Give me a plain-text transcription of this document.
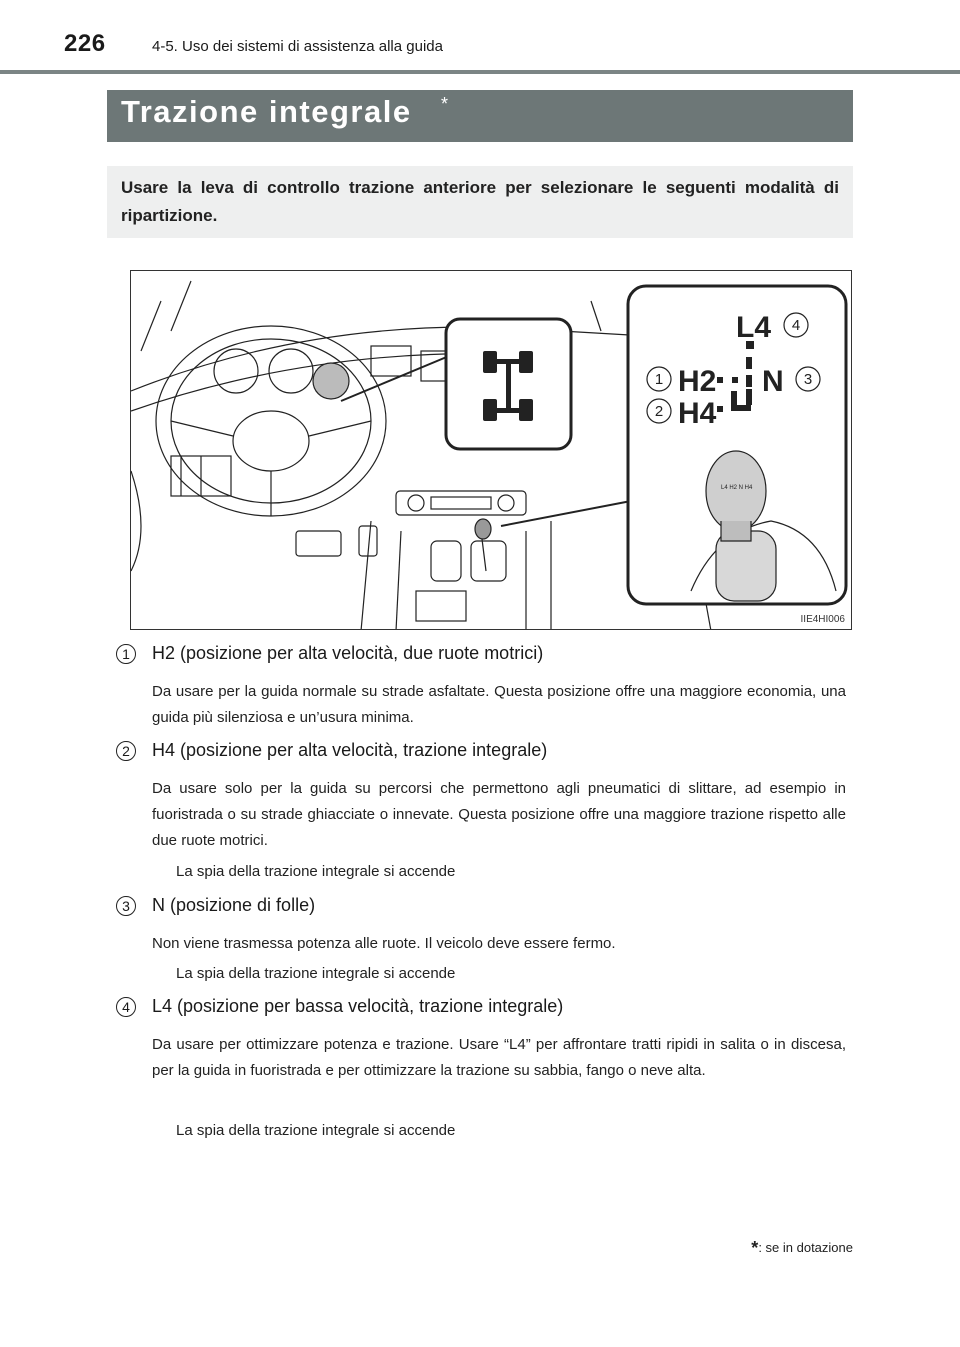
226	4-5. Uso dei sistemi di assistenza alla guida
Trazione integrale *
Usare la leva di controllo trazione anteriore per selezionare le seguenti modalità di ripartizione.
L4
H2 N
H4
4
1	3
2
L4 H2 N H4
IIE4HI006
1	H2 (posizione per alta velocità, due ruote motrici)
Da usare per la guida normale su strade asfaltate. Questa posizione offre una maggiore economia, una guida più silenziosa e un’usura minima.
2	H4 (posizione per alta velocità, trazione integrale)
Da usare solo per la guida su percorsi che permettono agli pneumatici di slittare, ad esempio in fuoristrada o su strade ghiacciate o innevate. Questa posizione offre una maggiore trazione rispetto alle due ruote motrici.
La spia della trazione integrale si accende
3	N (posizione di folle)
Non viene trasmessa potenza alle ruote. Il veicolo deve essere fermo.
La spia della trazione integrale si accende
4	L4 (posizione per bassa velocità, trazione integrale)
Da usare per ottimizzare potenza e trazione. Usare “L4” per affrontare tratti ripidi in salita o in discesa, per la guida in fuoristrada e per ottimizzare la trazione su sabbia, fango o neve alta.
La spia della trazione integrale si accende
*: se in dotazione
